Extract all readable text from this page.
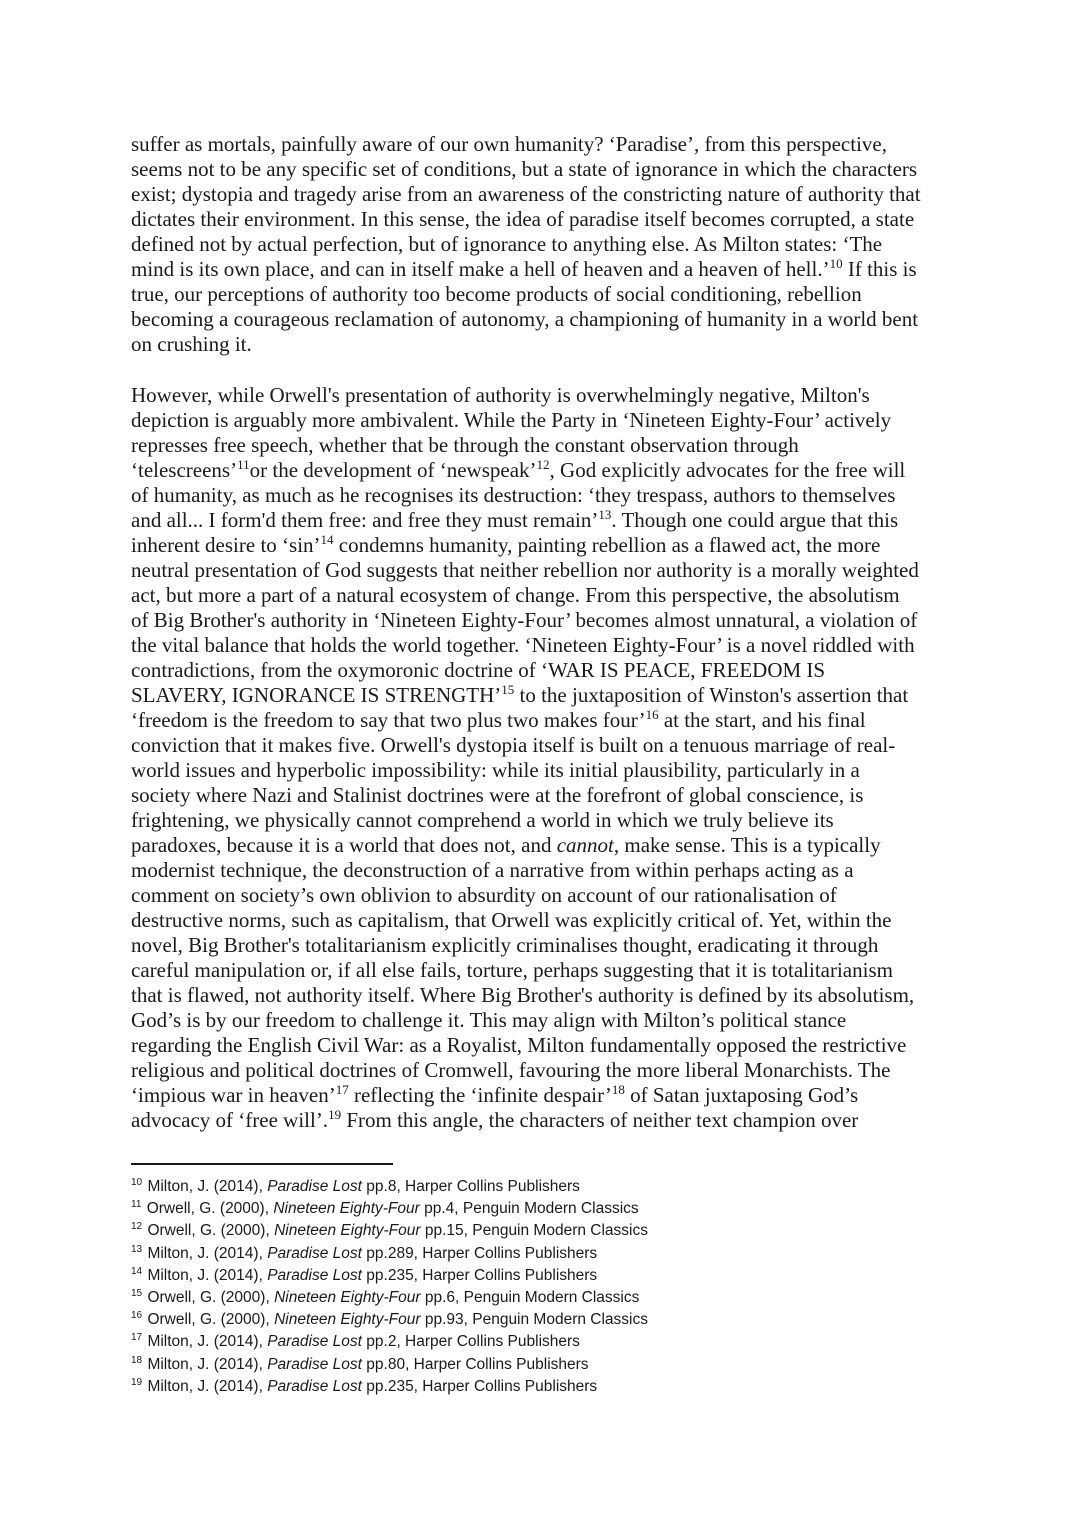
suffer as mortals, painfully aware of our own humanity? ‘Paradise’, from this perspective,
seems not to be any specific set of conditions, but a state of ignorance in which the characters
exist; dystopia and tragedy arise from an awareness of the constricting nature of authority that
dictates their environment. In this sense, the idea of paradise itself becomes corrupted, a state
defined not by actual perfection, but of ignorance to anything else. As Milton states: ‘The
mind is its own place, and can in itself make a hell of heaven and a heaven of hell.’$^{10}$ If this is
true, our perceptions of authority too become products of social conditioning, rebellion
becoming a courageous reclamation of autonomy, a championing of humanity in a world bent
on crushing it.
However, while Orwell's presentation of authority is overwhelmingly negative, Milton's
depiction is arguably more ambivalent. While the Party in ‘Nineteen Eighty-Four’ actively
represses free speech, whether that be through the constant observation through
‘telescreens’$^{11}$or the development of ‘newspeak’$^{12}$, God explicitly advocates for the free will
of humanity, as much as he recognises its destruction: ‘they trespass, authors to themselves
and all... I form'd them free: and free they must remain’$^{13}$. Though one could argue that this
inherent desire to ‘sin’$^{14}$ condemns humanity, painting rebellion as a flawed act, the more
neutral presentation of God suggests that neither rebellion nor authority is a morally weighted
act, but more a part of a natural ecosystem of change. From this perspective, the absolutism
of Big Brother's authority in ‘Nineteen Eighty-Four’ becomes almost unnatural, a violation of
the vital balance that holds the world together. ‘Nineteen Eighty-Four’ is a novel riddled with
contradictions, from the oxymoronic doctrine of ‘WAR IS PEACE, FREEDOM IS
SLAVERY, IGNORANCE IS STRENGTH’$^{15}$ to the juxtaposition of Winston's assertion that
‘freedom is the freedom to say that two plus two makes four’$^{16}$ at the start, and his final
conviction that it makes five. Orwell's dystopia itself is built on a tenuous marriage of real-
world issues and hyperbolic impossibility: while its initial plausibility, particularly in a
society where Nazi and Stalinist doctrines were at the forefront of global conscience, is
frightening, we physically cannot comprehend a world in which we truly believe its
paradoxes, because it is a world that does not, and cannot, make sense. This is a typically
modernist technique, the deconstruction of a narrative from within perhaps acting as a
comment on society’s own oblivion to absurdity on account of our rationalisation of
destructive norms, such as capitalism, that Orwell was explicitly critical of. Yet, within the
novel, Big Brother's totalitarianism explicitly criminalises thought, eradicating it through
careful manipulation or, if all else fails, torture, perhaps suggesting that it is totalitarianism
that is flawed, not authority itself. Where Big Brother's authority is defined by its absolutism,
God’s is by our freedom to challenge it. This may align with Milton’s political stance
regarding the English Civil War: as a Royalist, Milton fundamentally opposed the restrictive
religious and political doctrines of Cromwell, favouring the more liberal Monarchists. The
‘impious war in heaven’$^{17}$ reflecting the ‘infinite despair’$^{18}$ of Satan juxtaposing God’s
advocacy of ‘free will’.$^{19}$ From this angle, the characters of neither text champion over
$^{10}$ Milton, J. (2014), Paradise Lost pp.8, Harper Collins Publishers
$^{11}$ Orwell, G. (2000), Nineteen Eighty-Four pp.4, Penguin Modern Classics
$^{12}$ Orwell, G. (2000), Nineteen Eighty-Four pp.15, Penguin Modern Classics
$^{13}$ Milton, J. (2014), Paradise Lost pp.289, Harper Collins Publishers
$^{14}$ Milton, J. (2014), Paradise Lost pp.235, Harper Collins Publishers
$^{15}$ Orwell, G. (2000), Nineteen Eighty-Four pp.6, Penguin Modern Classics
$^{16}$ Orwell, G. (2000), Nineteen Eighty-Four pp.93, Penguin Modern Classics
$^{17}$ Milton, J. (2014), Paradise Lost pp.2, Harper Collins Publishers
$^{18}$ Milton, J. (2014), Paradise Lost pp.80, Harper Collins Publishers
$^{19}$ Milton, J. (2014), Paradise Lost pp.235, Harper Collins Publishers
